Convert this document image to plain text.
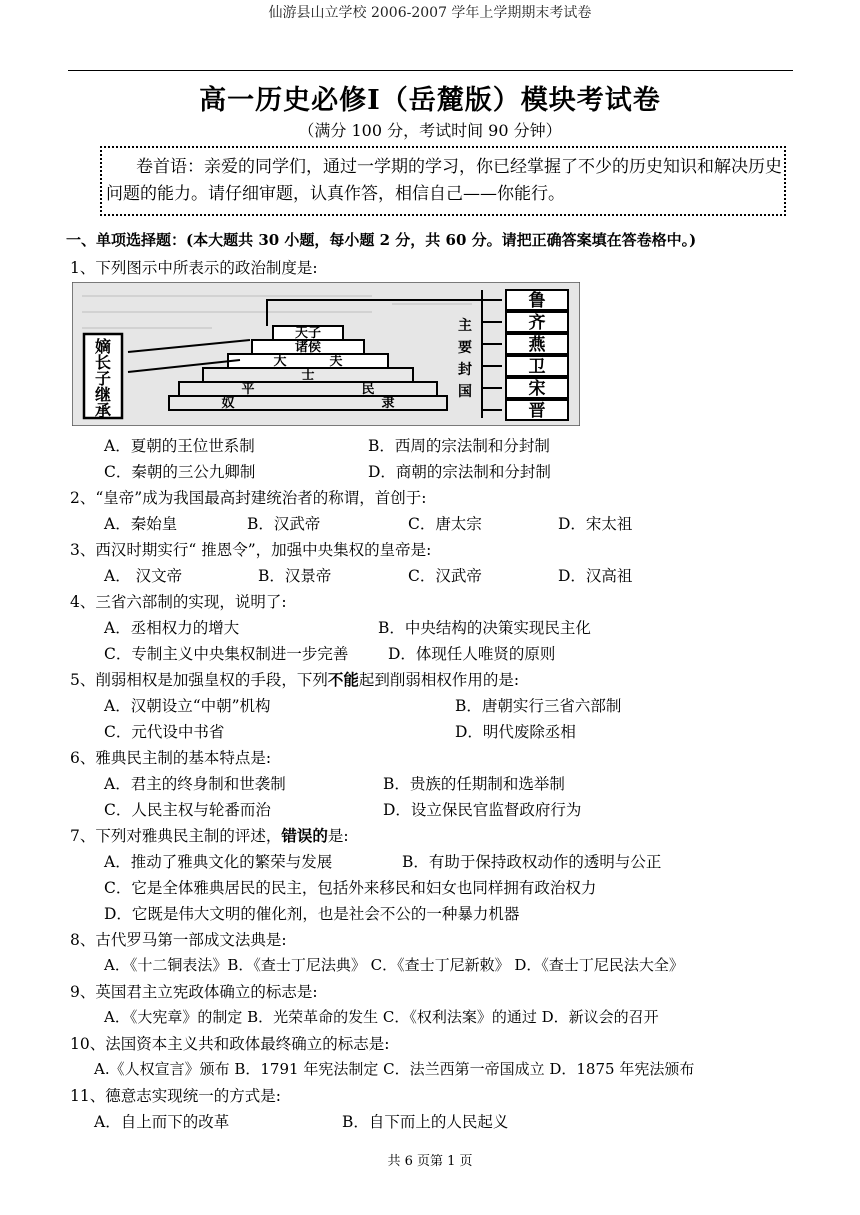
仙游县山立学校 2006-2007 学年上学期期末考试卷
高一历史必修Ⅰ（岳麓版）模块考试卷
（满分 100 分，考试时间 90 分钟）
卷首语：亲爱的同学们，通过一学期的学习，你已经掌握了不少的历史知识和解决历史问题的能力。请仔细审题，认真作答，相信自己——你能行。
一、单项选择题：(本大题共 30 小题，每小题 2 分，共 60 分。请把正确答案填在答卷格中。)
1、下列图示中所表示的政治制度是:
嫡
长
子
继
承
天子
诸侯
大	夫
士
平	民
奴	隶
主
要
封
国
鲁
齐
燕
卫
宋
晋
A．夏朝的王位世系制	B．西周的宗法制和分封制
C．秦朝的三公九卿制	D．商朝的宗法制和分封制
2、“皇帝”成为我国最高封建统治者的称谓，首创于:
A．秦始皇	B．汉武帝	C．唐太宗	D．宋太祖
3、西汉时期实行“ 推恩令”，加强中央集权的皇帝是:
A． 汉文帝	B．汉景帝	C．汉武帝	D．汉高祖
4、三省六部制的实现，说明了:
A．丞相权力的增大	B．中央结构的决策实现民主化
C．专制主义中央集权制进一步完善	D．体现任人唯贤的原则
5、削弱相权是加强皇权的手段，下列不能起到削弱相权作用的是:
A．汉朝设立“中朝”机构	B．唐朝实行三省六部制
C．元代设中书省	D．明代废除丞相
6、雅典民主制的基本特点是:
A．君主的终身制和世袭制	B．贵族的任期制和选举制
C．人民主权与轮番而治	D．设立保民官监督政府行为
7、下列对雅典民主制的评述，错误的是:
A．推动了雅典文化的繁荣与发展	B．有助于保持政权动作的透明与公正
C．它是全体雅典居民的民主，包括外来移民和妇女也同样拥有政治权力
D．它既是伟大文明的催化剂，也是社会不公的一种暴力机器
8、古代罗马第一部成文法典是:
A．《十二铜表法》B．《查士丁尼法典》 C．《查士丁尼新敕》 D．《查士丁尼民法大全》
9、英国君主立宪政体确立的标志是:
A．《大宪章》的制定 B．光荣革命的发生 C．《权利法案》的通过 D．新议会的召开
10、法国资本主义共和政体最终确立的标志是:
A.《人权宣言》颁布 B．1791 年宪法制定 C．法兰西第一帝国成立 D．1875 年宪法颁布
11、德意志实现统一的方式是:
A．自上而下的改革	B．自下而上的人民起义
共 6 页第 1 页
